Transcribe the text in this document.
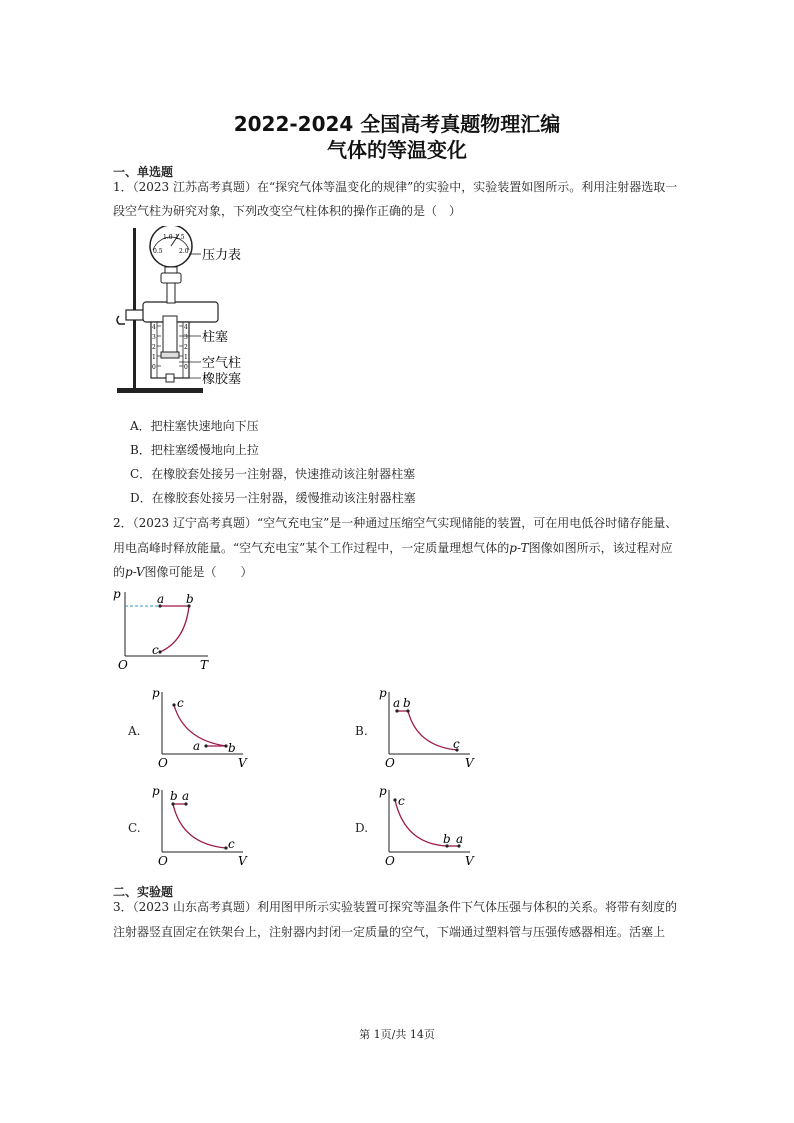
2022-2024 全国高考真题物理汇编
气体的等温变化
一、单选题
1．（2023 江苏高考真题）在“探究气体等温变化的规律”的实验中，实验装置如图所示。利用注射器选取一
段空气柱为研究对象，下列改变空气柱体积的操作正确的是（　）
0.5
1.0 1.5
2.0
4
3
2
1
0
4
3
2
1
0
压力表
柱塞
空气柱
橡胶塞
A．把柱塞快速地向下压
B．把柱塞缓慢地向上拉
C．在橡胶套处接另一注射器，快速推动该注射器柱塞
D．在橡胶套处接另一注射器，缓慢推动该注射器柱塞
2．（2023 辽宁高考真题）“空气充电宝”是一种通过压缩空气实现储能的装置，可在用电低谷时储存能量、
用电高峰时释放能量。“空气充电宝”某个工作过程中，一定质量理想气体的p-T图像如图所示，该过程对应
的p-V图像可能是（　　）
p
O	T
a b
c
A.
p
O	V
c
a b
B.
p
O	V
a b
c
C.
p
O	V
b a
c
D.
p
O	V
c
b a
二、实验题
3．（2023 山东高考真题）利用图甲所示实验装置可探究等温条件下气体压强与体积的关系。将带有刻度的
注射器竖直固定在铁架台上，注射器内封闭一定质量的空气，下端通过塑料管与压强传感器相连。活塞上
第 1页/共 14页
